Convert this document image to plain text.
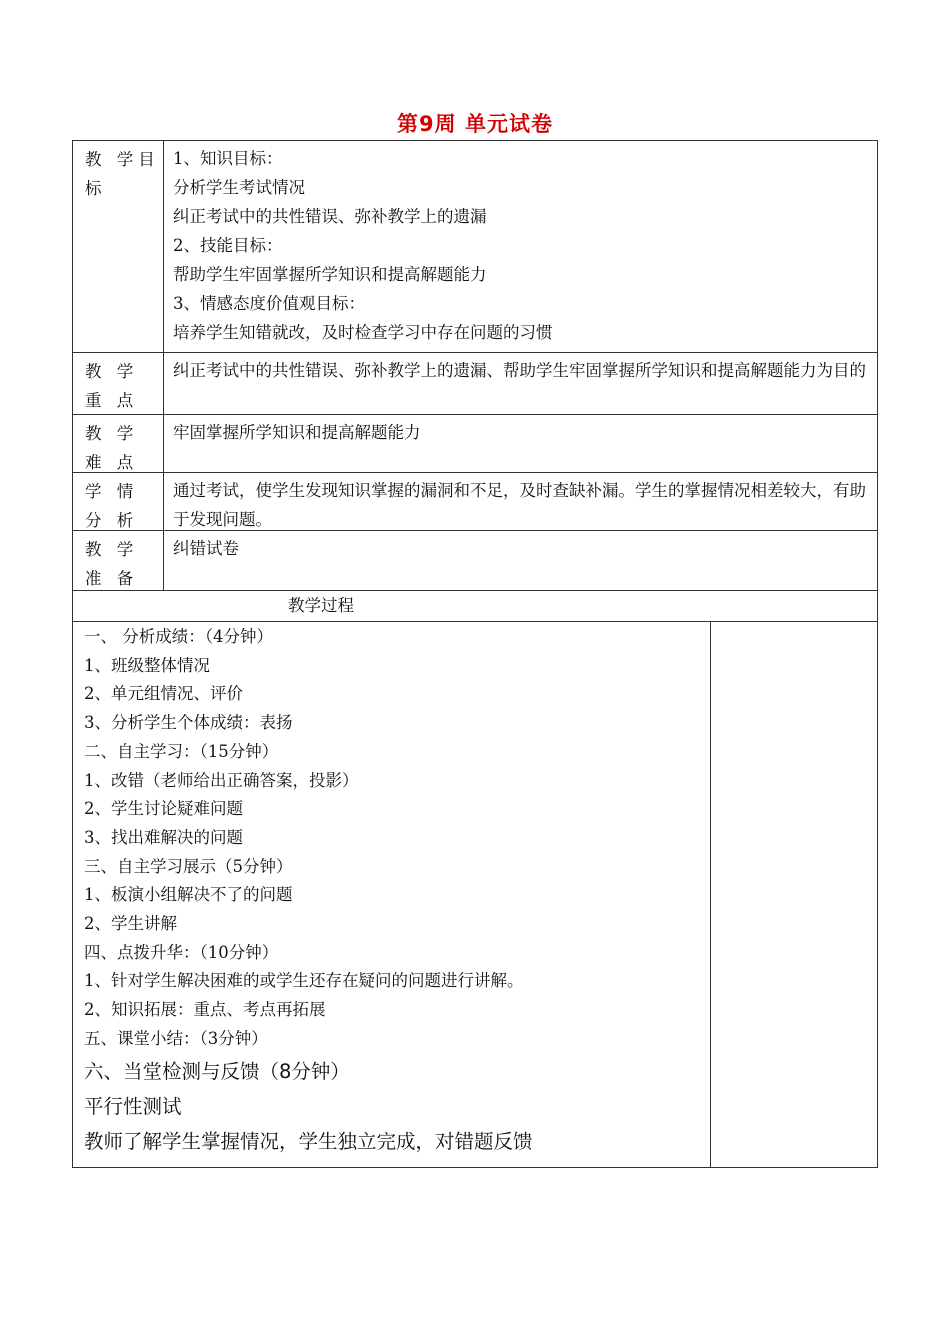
第9周 单元试卷

教 学目

标

1、知识目标：

分析学生考试情况

纠正考试中的共性错误、弥补教学上的遗漏

2、技能目标：

帮助学生牢固掌握所学知识和提高解题能力

3、情感态度价值观目标：

培养学生知错就改，及时检查学习中存在问题的习惯

教 学

重 点

纠正考试中的共性错误、弥补教学上的遗漏、帮助学生牢固掌握所学知识和提高解题能力为目的

教 学

难 点

牢固掌握所学知识和提高解题能力

学 情

分 析

通过考试，使学生发现知识掌握的漏洞和不足，及时查缺补漏。学生的掌握情况相差较大，有助于发现问题。

教 学

准 备

纠错试卷

教学过程

一、 分析成绩：（4分钟）

1、班级整体情况

2、单元组情况、评价

3、分析学生个体成绩：表扬

二、自主学习：（15分钟）

1、改错（老师给出正确答案，投影）

2、学生讨论疑难问题

3、找出难解决的问题

三、自主学习展示（5分钟）

1、板演小组解决不了的问题

2、学生讲解

四、点拨升华：（10分钟）

1、针对学生解决困难的或学生还存在疑问的问题进行讲解。

2、知识拓展：重点、考点再拓展

五、课堂小结：（3分钟）

六、当堂检测与反馈（8分钟）

平行性测试

教师了解学生掌握情况，学生独立完成，对错题反馈
